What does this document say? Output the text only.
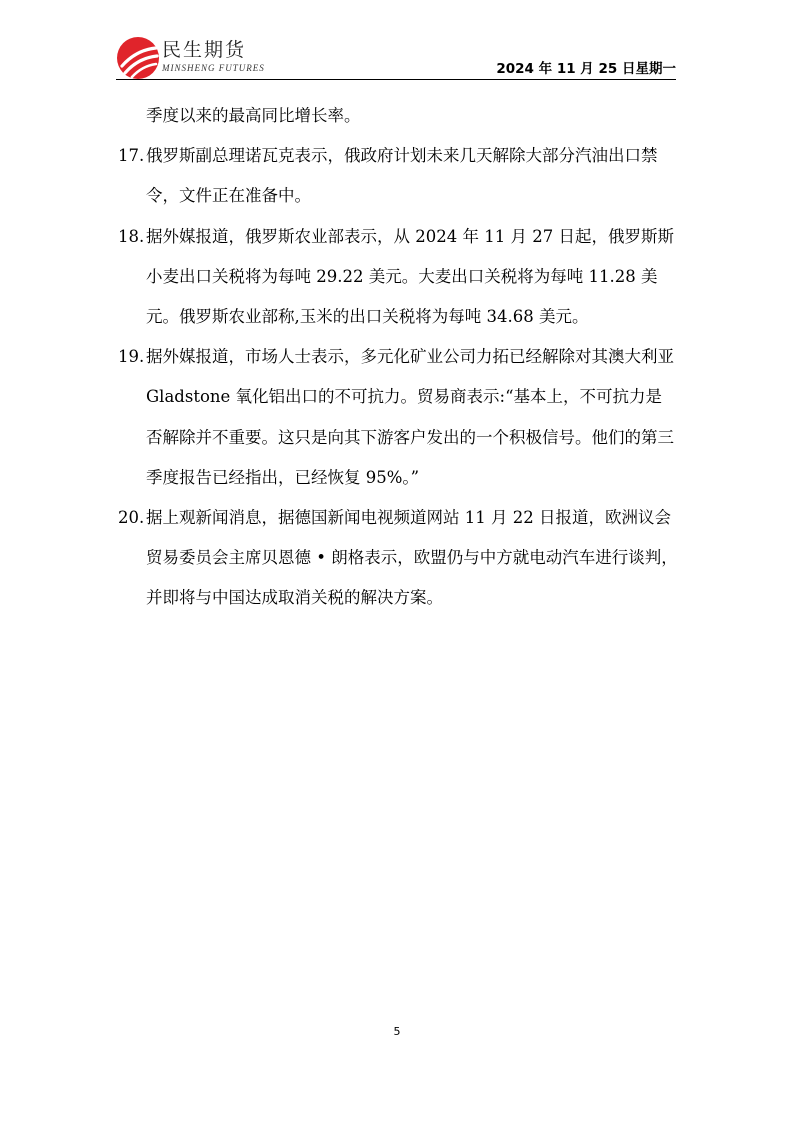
民生期货
MINSHENG FUTURES	2024 年 11 月 25 日星期一

季度以来的最高同比增长率。

17. 俄罗斯副总理诺瓦克表示，俄政府计划未来几天解除大部分汽油出口禁令，文件正在准备中。
18. 据外媒报道，俄罗斯农业部表示，从 2024 年 11 月 27 日起，俄罗斯斯小麦出口关税将为每吨 29.22 美元。大麦出口关税将为每吨 11.28 美元。俄罗斯农业部称,玉米的出口关税将为每吨 34.68 美元。
19. 据外媒报道，市场人士表示，多元化矿业公司力拓已经解除对其澳大利亚 Gladstone 氧化铝出口的不可抗力。贸易商表示:“基本上，不可抗力是否解除并不重要。这只是向其下游客户发出的一个积极信号。他们的第三季度报告已经指出，已经恢复 95%。”
20. 据上观新闻消息，据德国新闻电视频道网站 11 月 22 日报道，欧洲议会贸易委员会主席贝恩德 • 朗格表示，欧盟仍与中方就电动汽车进行谈判，并即将与中国达成取消关税的解决方案。
5
